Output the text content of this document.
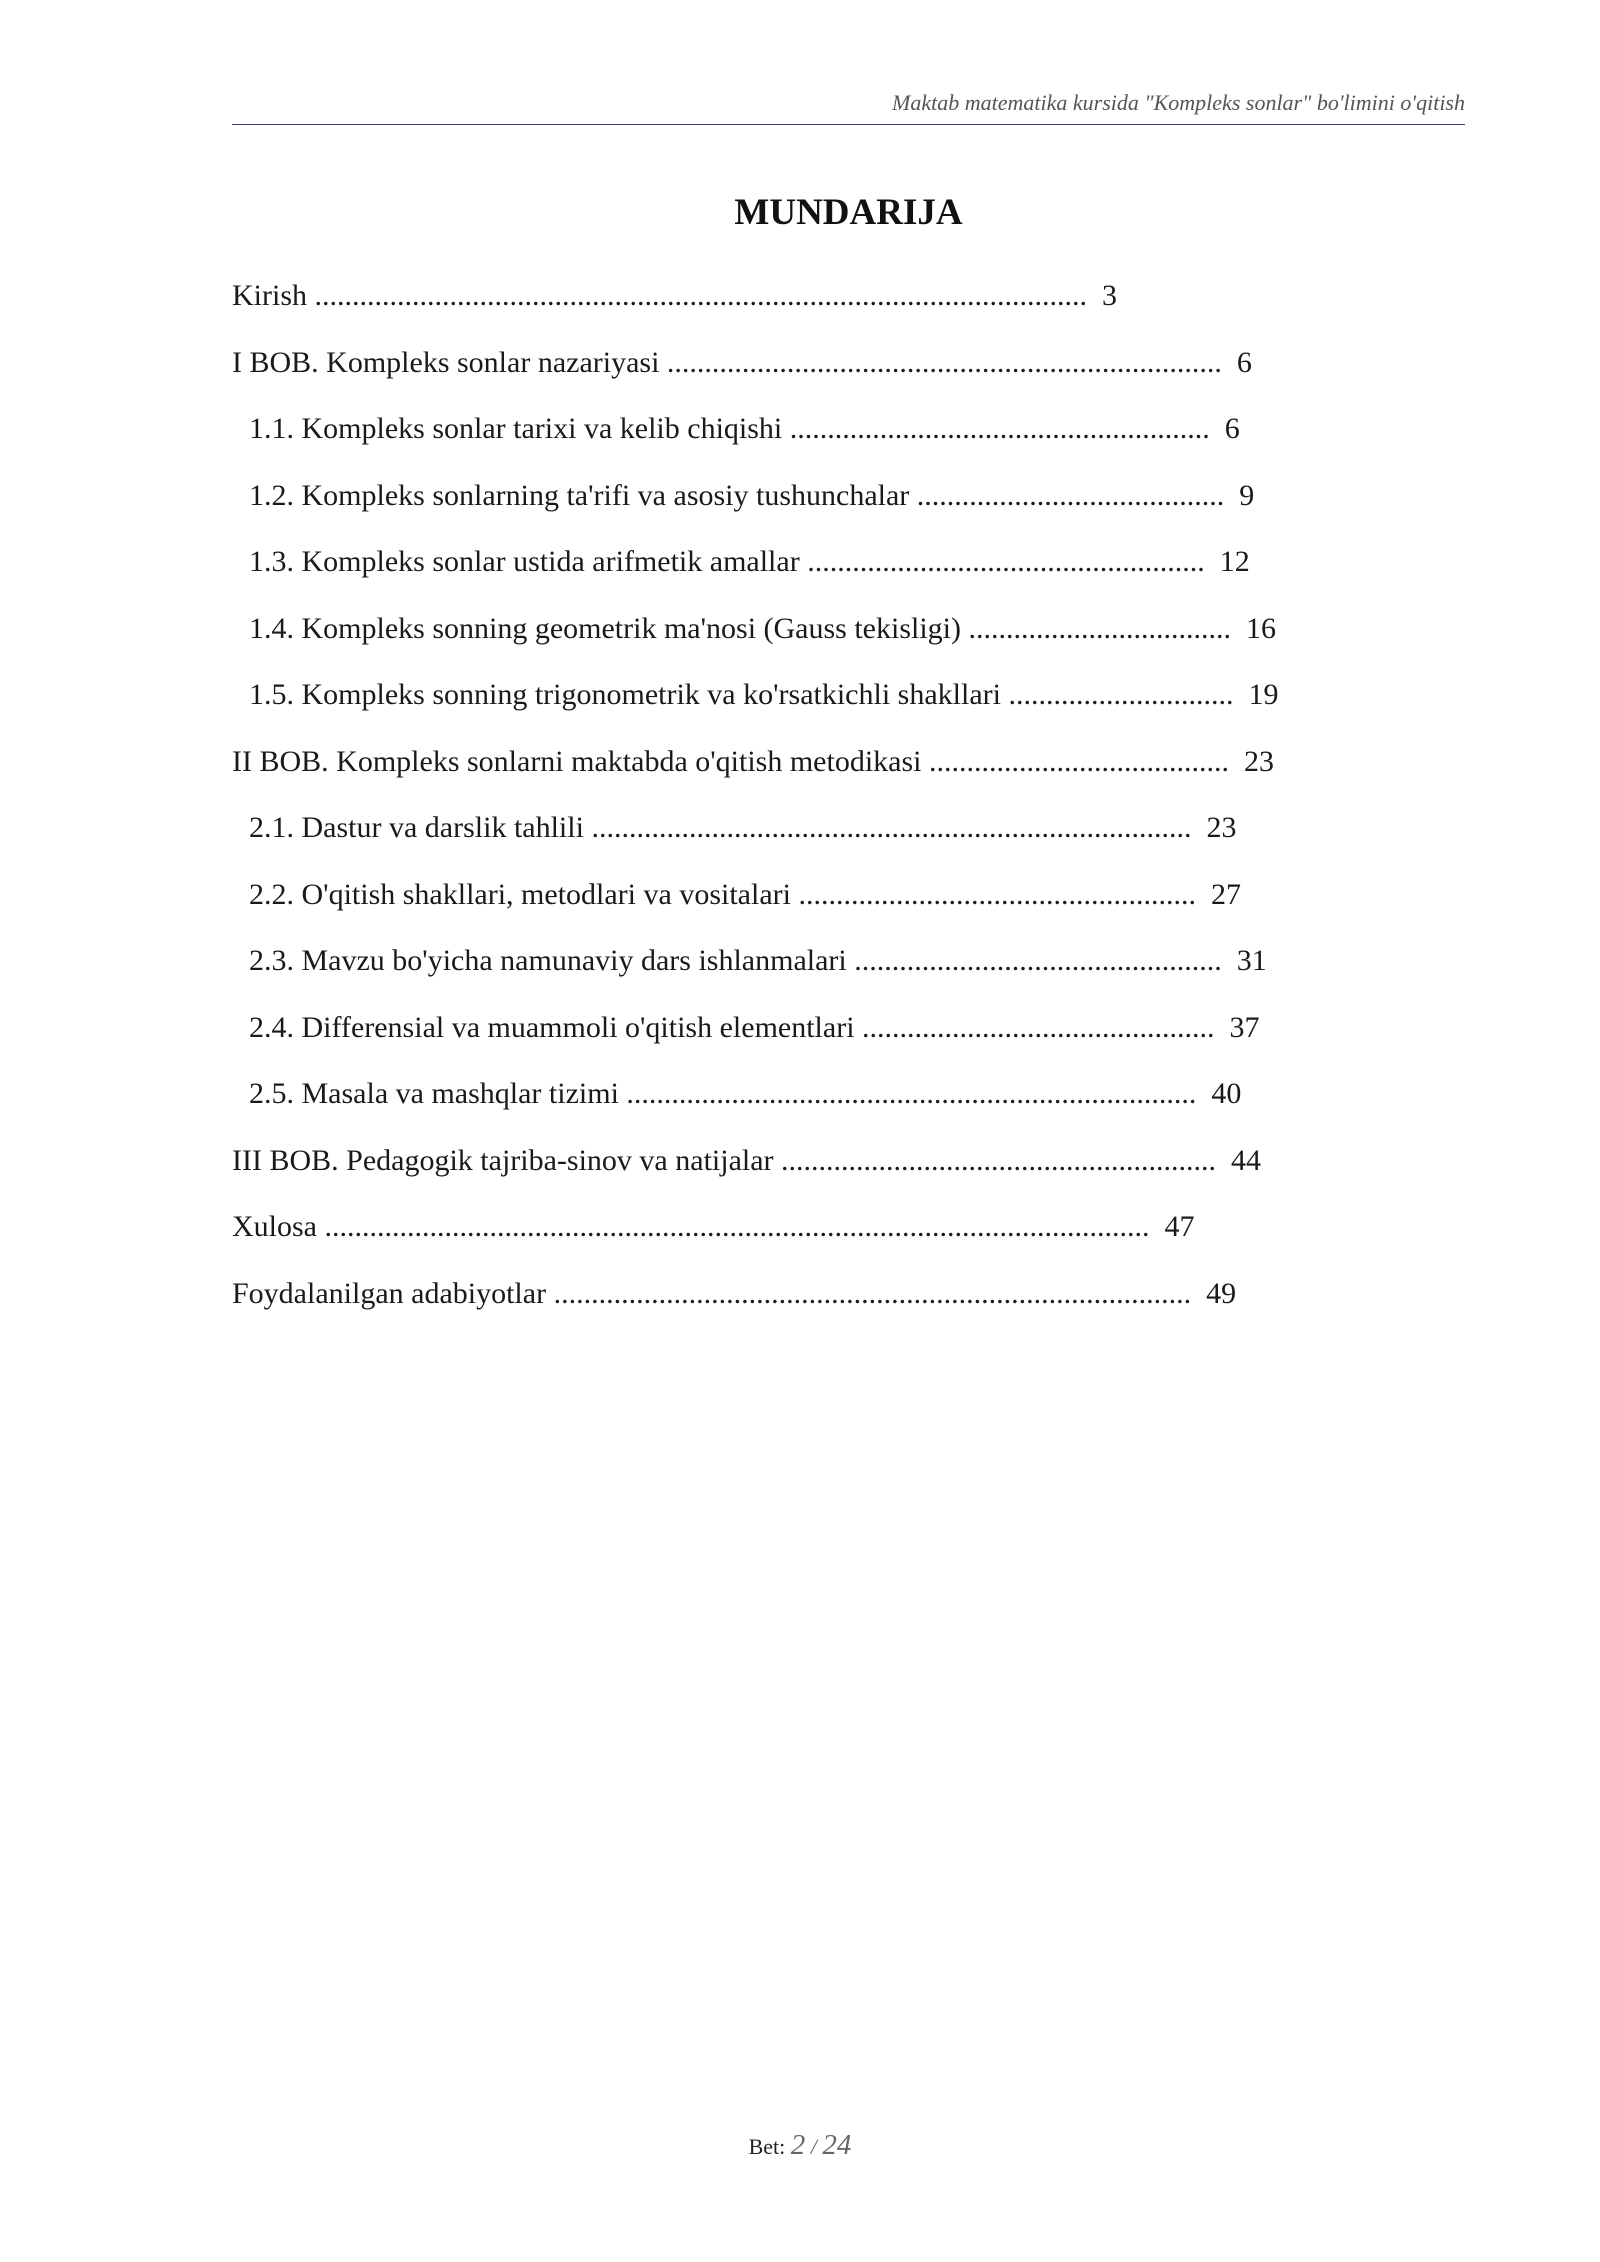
Maktab matematika kursida "Kompleks sonlar" bo'limini o'qitish
MUNDARIJA
Kirish ....................................................................................................... 3
I BOB. Kompleks sonlar nazariyasi .......................................................................... 6
1.1. Kompleks sonlar tarixi va kelib chiqishi ........................................................ 6
1.2. Kompleks sonlarning ta'rifi va asosiy tushunchalar ......................................... 9
1.3. Kompleks sonlar ustida arifmetik amallar ..................................................... 12
1.4. Kompleks sonning geometrik ma'nosi (Gauss tekisligi) ................................... 16
1.5. Kompleks sonning trigonometrik va ko'rsatkichli shakllari .............................. 19
II BOB. Kompleks sonlarni maktabda o'qitish metodikasi ........................................ 23
2.1. Dastur va darslik tahlili ................................................................................ 23
2.2. O'qitish shakllari, metodlari va vositalari ..................................................... 27
2.3. Mavzu bo'yicha namunaviy dars ishlanmalari ................................................. 31
2.4. Differensial va muammoli o'qitish elementlari ............................................... 37
2.5. Masala va mashqlar tizimi ............................................................................ 40
III BOB. Pedagogik tajriba-sinov va natijalar .......................................................... 44
Xulosa .............................................................................................................. 47
Foydalanilgan adabiyotlar ..................................................................................... 49
Bet: 2 / 24
